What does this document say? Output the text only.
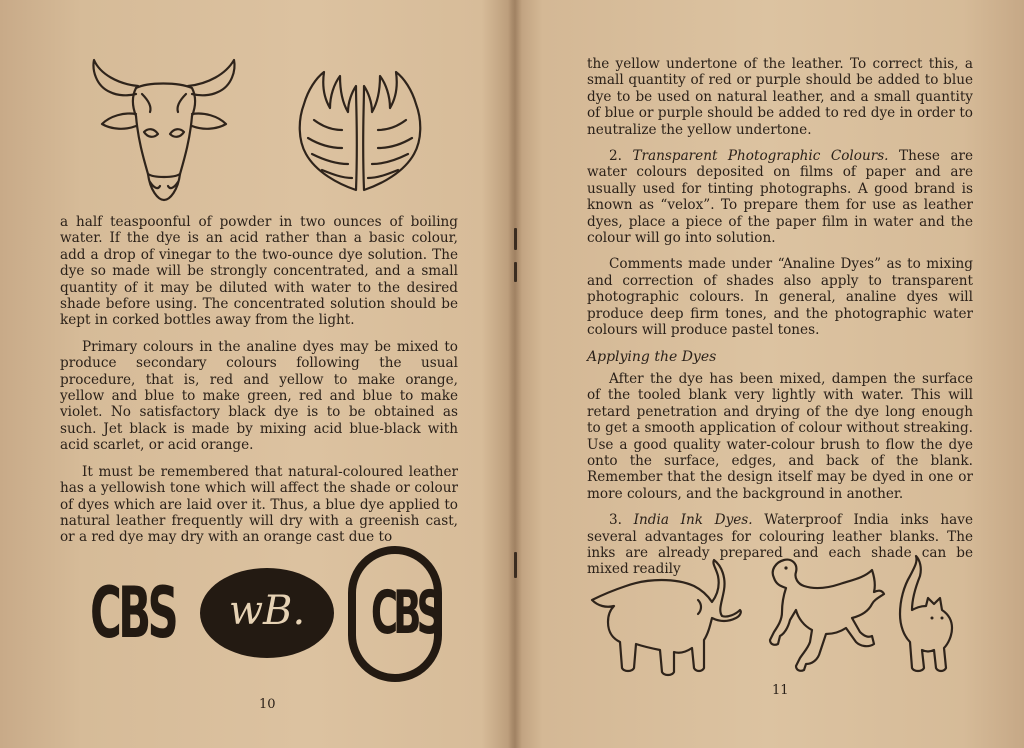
a half teaspoonful of powder in two ounces of boiling water. If the dye is an acid rather than a basic colour, add a drop of vinegar to the two-ounce dye solution. The dye so made will be strongly concentrated, and a small quantity of it may be diluted with water to the desired shade before using. The concentrated solution should be kept in corked bottles away from the light.

Primary colours in the analine dyes may be mixed to produce secondary colours following the usual procedure, that is, red and yellow to make orange, yellow and blue to make green, red and blue to make violet. No satisfactory black dye is to be obtained as such. Jet black is made by mixing acid blue-black with acid scarlet, or acid orange.

It must be remembered that natural-coloured leather has a yellowish tone which will affect the shade or colour of dyes which are laid over it. Thus, a blue dye applied to natural leather frequently will dry with a greenish cast, or a red dye may dry with an orange cast due to

CBS	wB.	CBS
10

the yellow undertone of the leather. To correct this, a small quantity of red or purple should be added to blue dye to be used on natural leather, and a small quantity of blue or purple should be added to red dye in order to neutralize the yellow undertone.

2. Transparent Photographic Colours. These are water colours deposited on films of paper and are usually used for tinting photographs. A good brand is known as “velox”. To prepare them for use as leather dyes, place a piece of the paper film in water and the colour will go into solution.

Comments made under “Analine Dyes” as to mixing and correction of shades also apply to transparent photographic colours. In general, analine dyes will produce deep firm tones, and the photographic water colours will produce pastel tones.

Applying the Dyes

After the dye has been mixed, dampen the surface of the tooled blank very lightly with water. This will retard penetration and drying of the dye long enough to get a smooth application of colour without streaking. Use a good quality water-colour brush to flow the dye onto the surface, edges, and back of the blank. Remember that the design itself may be dyed in one or more colours, and the background in another.

3. India Ink Dyes. Waterproof India inks have several advantages for colouring leather blanks. The inks are already prepared and each shade can be mixed readily

11
